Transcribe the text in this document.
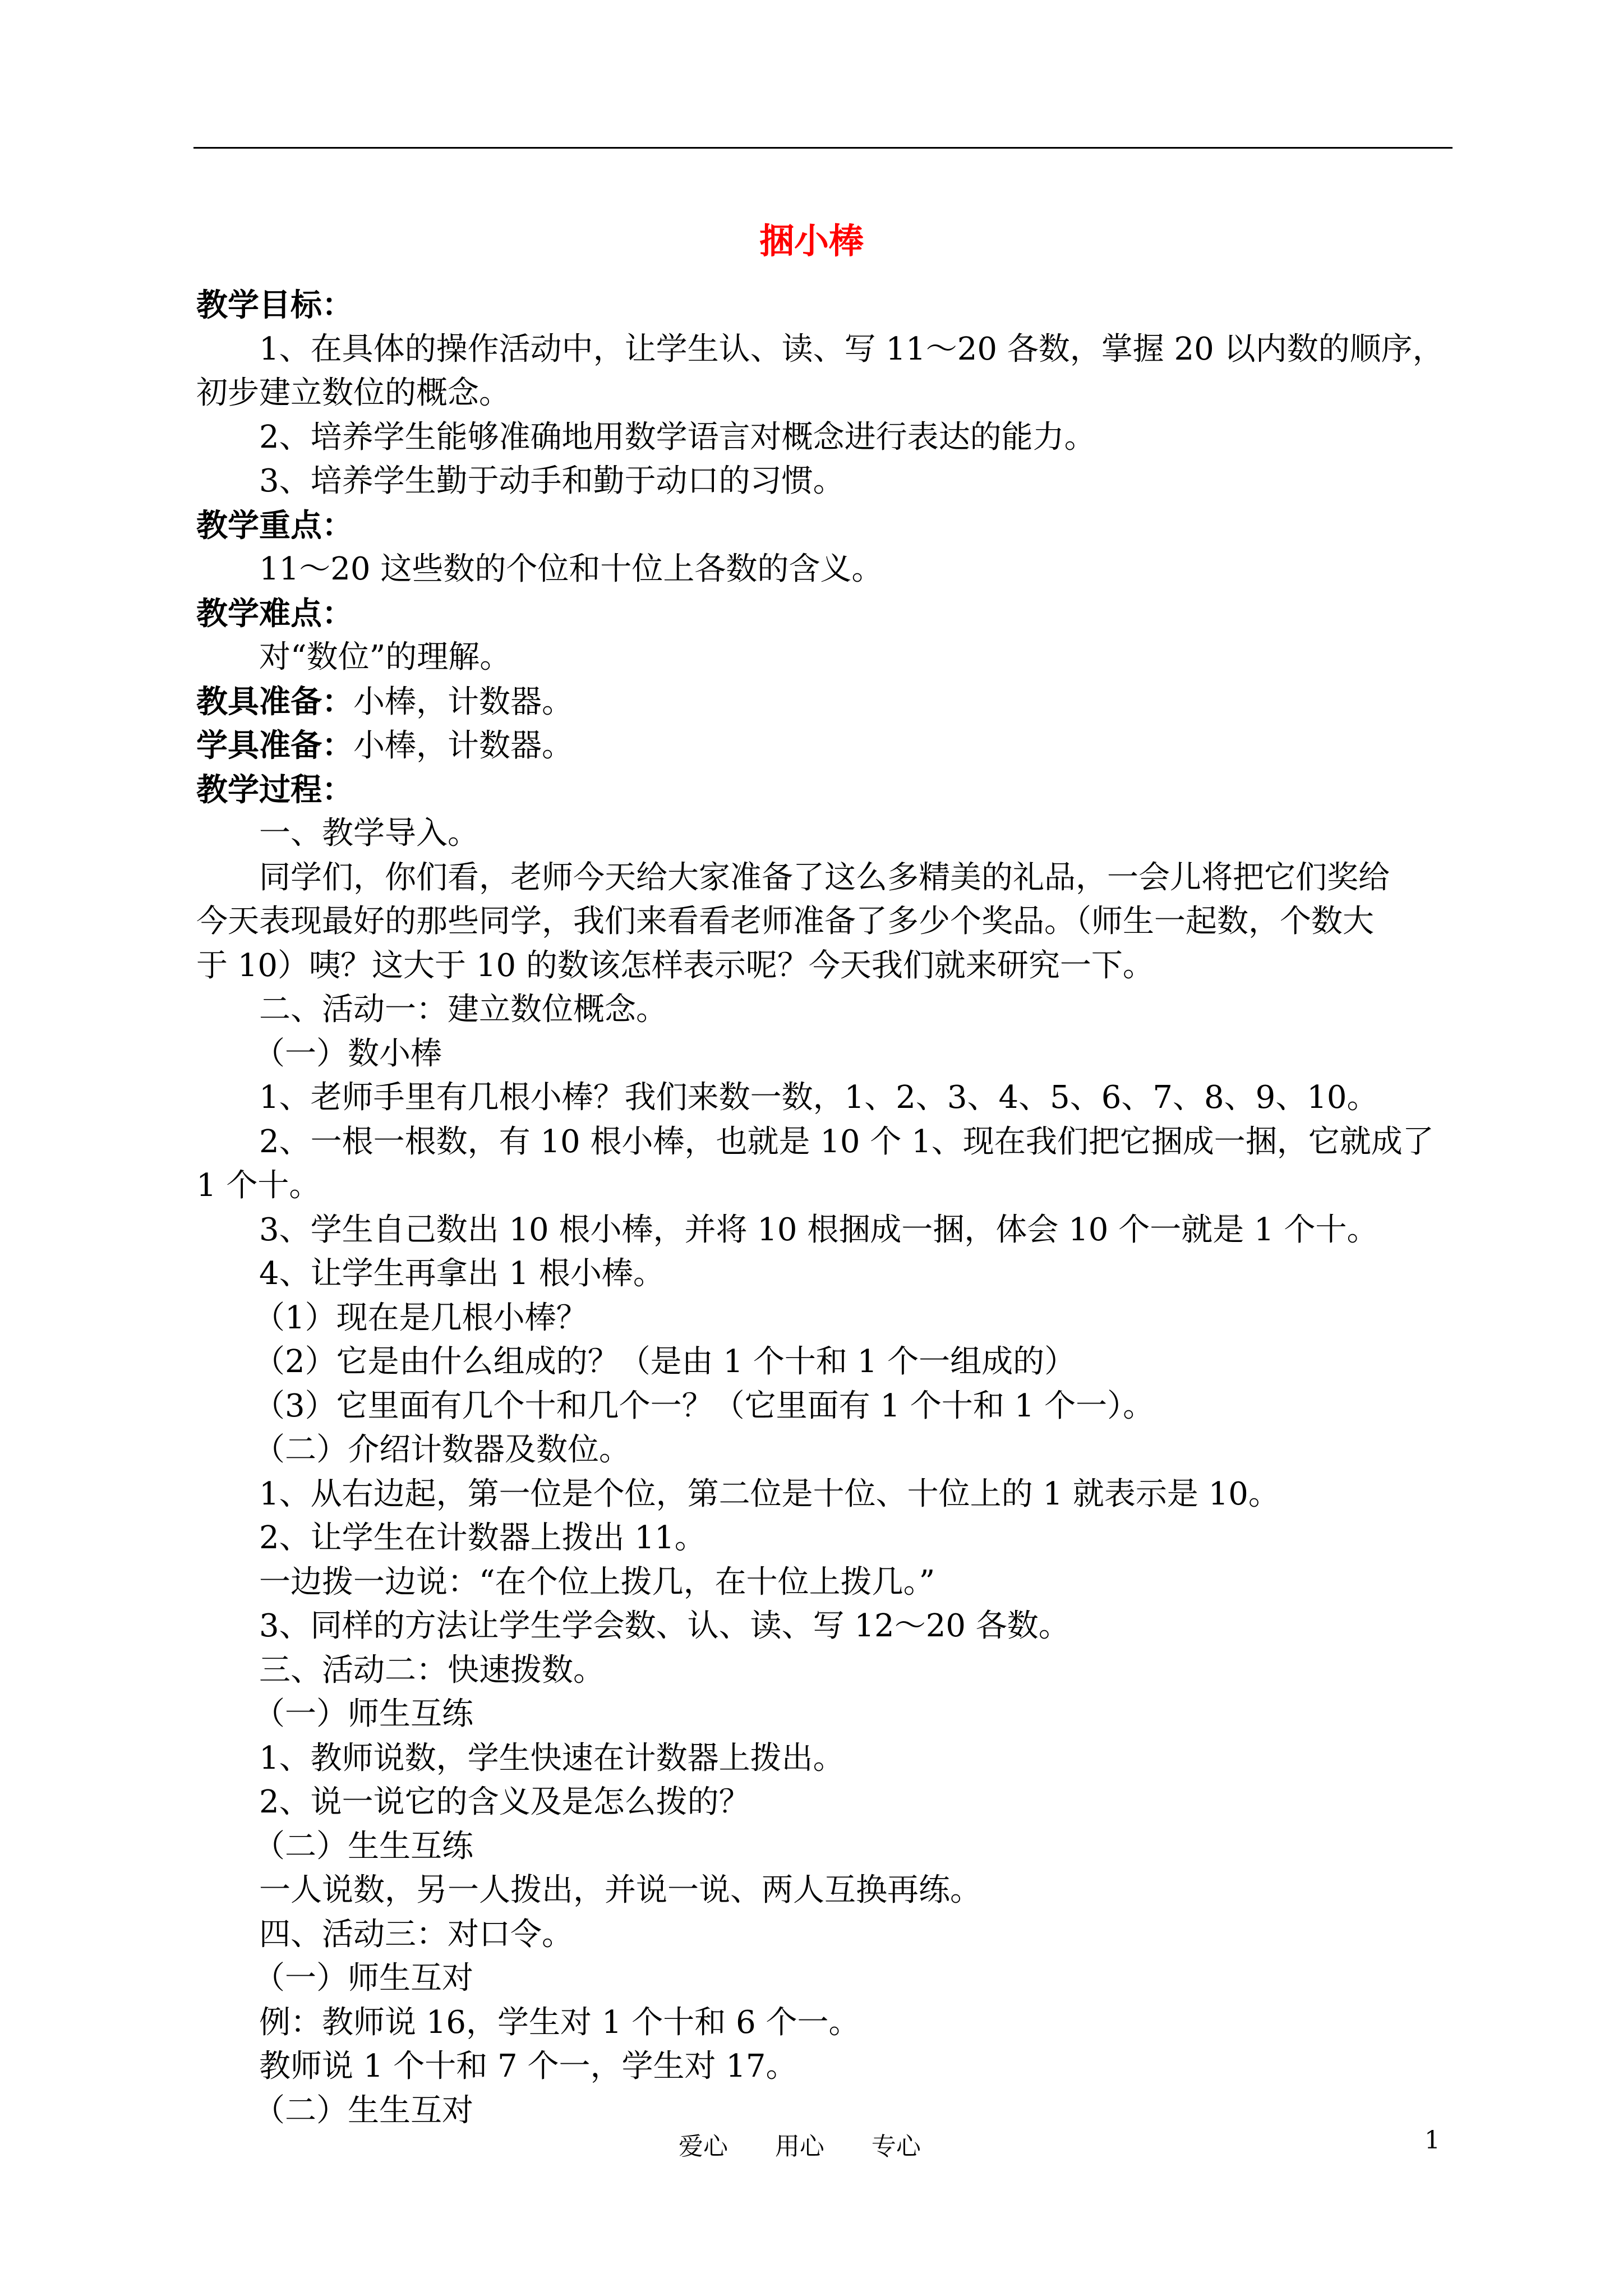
捆小棒
教学目标：
1、在具体的操作活动中，让学生认、读、写 11～20 各数，掌握 20 以内数的顺序，
初步建立数位的概念。
2、培养学生能够准确地用数学语言对概念进行表达的能力。
3、培养学生勤于动手和勤于动口的习惯。
教学重点：
11～20 这些数的个位和十位上各数的含义。
教学难点：
对“数位”的理解。
教具准备：小棒，计数器。
学具准备：小棒，计数器。
教学过程：
一、教学导入。
同学们，你们看，老师今天给大家准备了这么多精美的礼品，一会儿将把它们奖给
今天表现最好的那些同学，我们来看看老师准备了多少个奖品。（师生一起数，个数大
于 10）咦？这大于 10 的数该怎样表示呢？今天我们就来研究一下。
二、活动一：建立数位概念。
（一）数小棒
1、老师手里有几根小棒？我们来数一数，1、2、3、4、5、6、7、8、9、10。
2、一根一根数，有 10 根小棒，也就是 10 个 1、现在我们把它捆成一捆，它就成了
1 个十。
3、学生自己数出 10 根小棒，并将 10 根捆成一捆，体会 10 个一就是 1 个十。
4、让学生再拿出 1 根小棒。
（1）现在是几根小棒？
（2）它是由什么组成的？（是由 1 个十和 1 个一组成的）
（3）它里面有几个十和几个一？（它里面有 1 个十和 1 个一）。
（二）介绍计数器及数位。
1、从右边起，第一位是个位，第二位是十位、十位上的 1 就表示是 10。
2、让学生在计数器上拨出 11。
一边拨一边说：“在个位上拨几，在十位上拨几。”
3、同样的方法让学生学会数、认、读、写 12～20 各数。
三、活动二：快速拨数。
（一）师生互练
1、教师说数，学生快速在计数器上拨出。
2、说一说它的含义及是怎么拨的？
（二）生生互练
一人说数，另一人拨出，并说一说、两人互换再练。
四、活动三：对口令。
（一）师生互对
例：教师说 16，学生对 1 个十和 6 个一。
教师说 1 个十和 7 个一，学生对 17。
（二）生生互对
爱心      用心      专心	1
